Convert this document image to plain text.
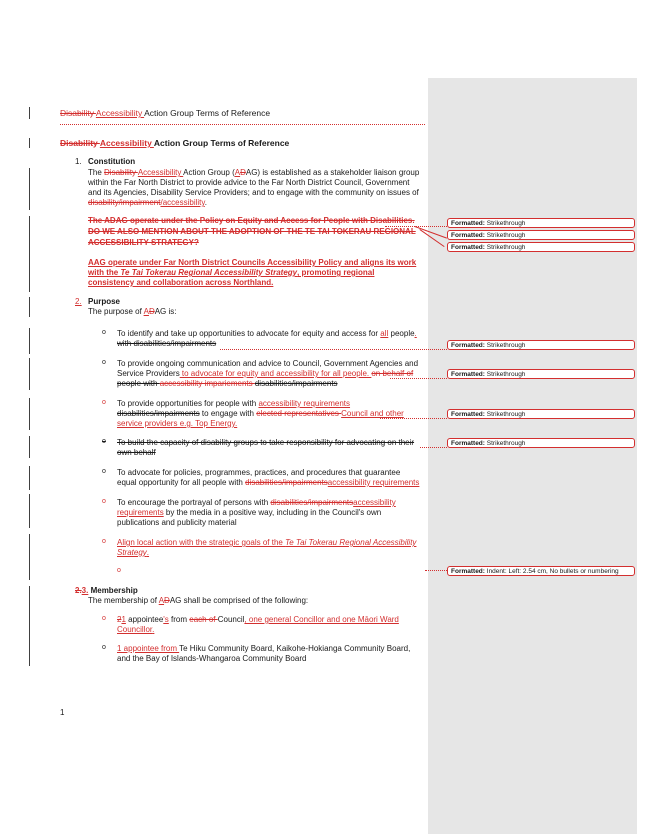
Disability Accessibility Action Group Terms of Reference
Disability Accessibility Action Group Terms of Reference
1. Constitution
The Disability Accessibility Action Group (ADAG) is established as a stakeholder liaison group
within the Far North District to provide advice to the Far North District Council, Government
and its Agencies, Disability Service Providers; and to engage with the community on issues of
disability/impairment/accessibility.
The ADAG operate under the Policy on Equity and Access for People with Disabilities.
DO WE ALSO MENTION ABOUT THE ADOPTION OF THE TE TAI TOKERAU REGIONAL
ACCESSIBILITY STRATEGY?
AAG operate under Far North District Councils Accessibility Policy and aligns its work
with the Te Tai Tokerau Regional Accessibility Strategy, promoting regional
consistency and collaboration across Northland.
2. Purpose
The purpose of ADAG is:
o To identify and take up opportunities to advocate for equity and access for all people.
with disabilities/impairments
o To provide ongoing communication and advice to Council, Government Agencies and
Service Providers to advocate for equity and accessibility for all people. on behalf of
people with accessibility impariements disabilities/impairments
o To provide opportunities for people with accessibility requirements
disabilities/impairments to engage with elected representatives Council and other
service providers e.g. Top Energy.
o To build the capacity of disability groups to take responsibility for advocating on their
own behalf
o To advocate for policies, programmes, practices, and procedures that guarantee
equal opportunity for all people with disabilities/impairmentsaccessibility requirements
o To encourage the portrayal of persons with disabilities/impairmentsaccessibility
requirements by the media in a positive way, including in the Council's own
publications and publicity material
o Align local action with the strategic goals of the Te Tai Tokerau Regional Accessibility
Strategy.
o
2.3. Membership
The membership of ADAG shall be comprised of the following:
o 21 appointee's from each of Council, one general Concillor and one Māori Ward
Councillor.
o 1 appointee from Te Hiku Community Board, Kaikohe-Hokianga Community Board,
and the Bay of Islands-Whangaroa Community Board
1
Formatted: Strikethrough
Formatted: Strikethrough
Formatted: Strikethrough
Formatted: Strikethrough
Formatted: Strikethrough
Formatted: Strikethrough
Formatted: Strikethrough
Formatted: Indent: Left: 2.54 cm, No bullets or numbering
